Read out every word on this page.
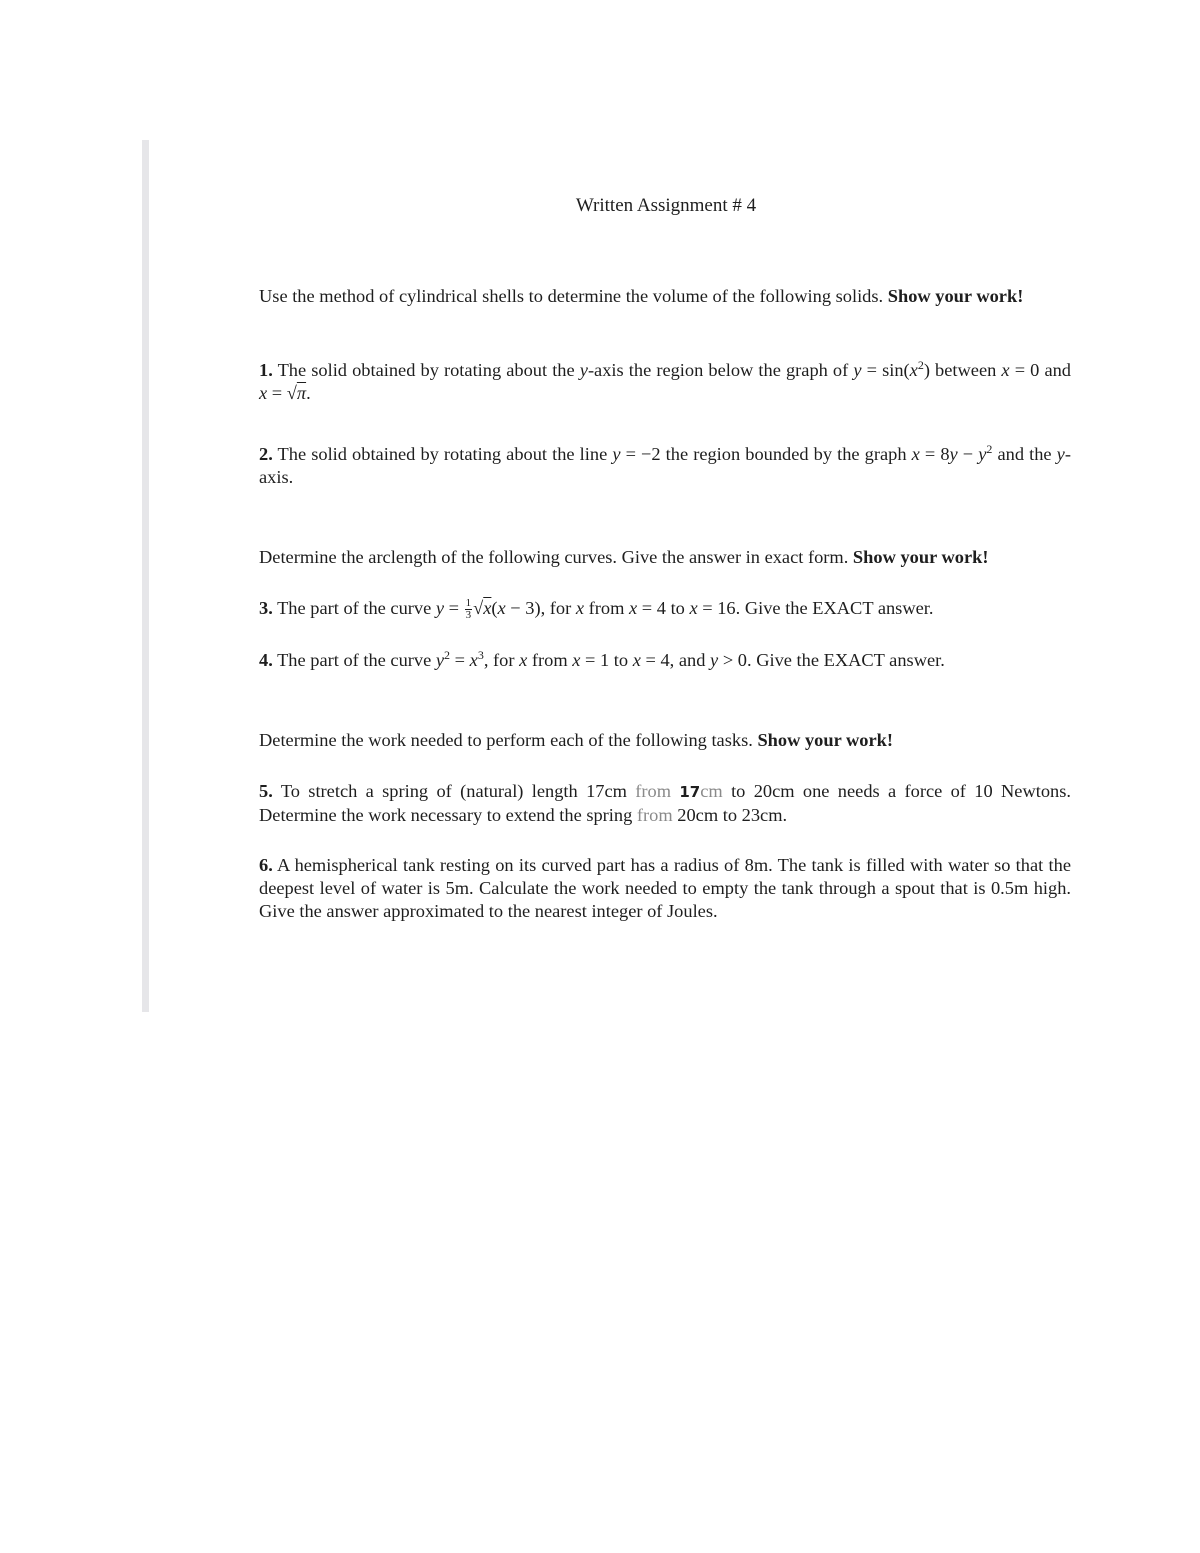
Written Assignment # 4

Use the method of cylindrical shells to determine the volume of the following solids. Show your work!

1. The solid obtained by rotating about the y-axis the region below the graph of $y = \sin(x^2)$ between x = 0 and x = √π.

2. The solid obtained by rotating about the line y = −2 the region bounded by the graph $x = 8y - y^2$ and the y-axis.

Determine the arclength of the following curves. Give the answer in exact form. Show your work!

3. The part of the curve $y = \frac{1}{3} √x(x - 3)$, for x from x = 4 to x = 16. Give the EXACT answer.

4. The part of the curve $y^2 = x^3$, for x from x = 1 to x = 4, and y > 0. Give the EXACT answer.

Determine the work needed to perform each of the following tasks. Show your work!

5. To stretch a spring of (natural) length 17cm from 17cm to 20cm one needs a force of 10 Newtons. Determine the work necessary to extend the spring from 20cm to 23cm.

6. A hemispherical tank resting on its curved part has a radius of 8m. The tank is filled with water so that the deepest level of water is 5m. Calculate the work needed to empty the tank through a spout that is 0.5m high. Give the answer approximated to the nearest integer of Joules.
